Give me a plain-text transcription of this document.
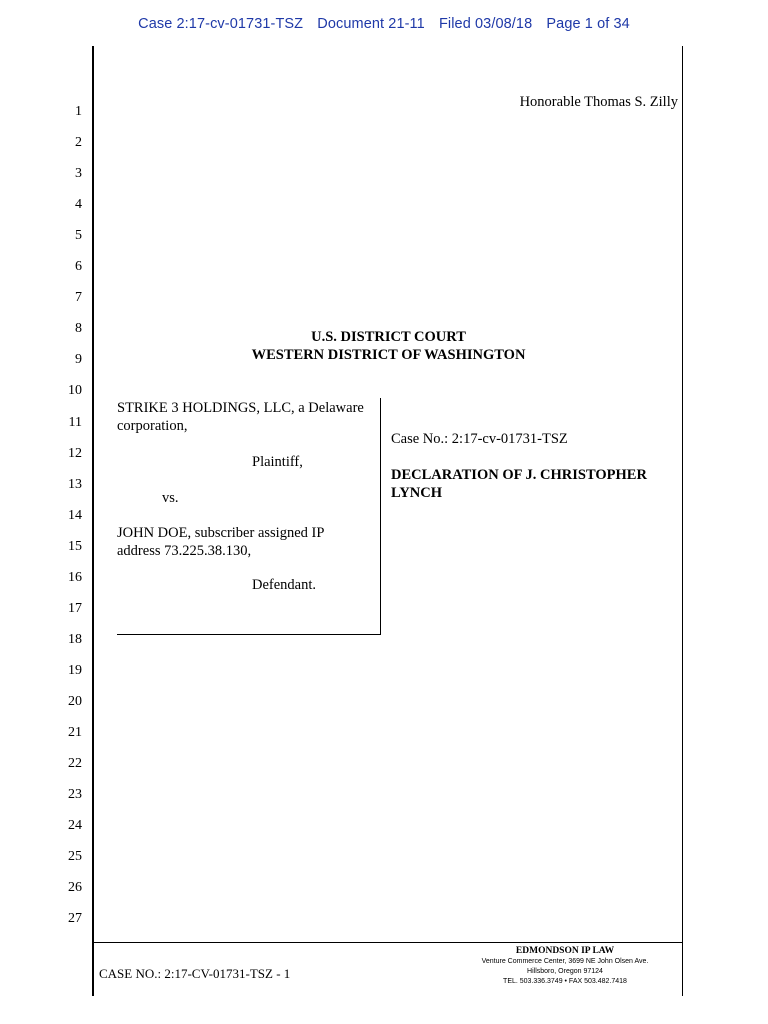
Case 2:17-cv-01731-TSZ Document 21-11 Filed 03/08/18 Page 1 of 34
1
2
3
4
5
6
7
8
9
10
11
12
13
14
15
16
17
18
19
20
21
22
23
24
25
26
27
Honorable Thomas S. Zilly
U.S. DISTRICT COURT
WESTERN DISTRICT OF WASHINGTON
STRIKE 3 HOLDINGS, LLC, a Delaware
corporation,
Plaintiff,
vs.
JOHN DOE, subscriber assigned IP
address 73.225.38.130,
Defendant.
Case No.: 2:17-cv-01731-TSZ
DECLARATION OF J. CHRISTOPHER
LYNCH
CASE NO.: 2:17-CV-01731-TSZ - 1
EDMONDSON IP LAW
Venture Commerce Center, 3699 NE John Olsen Ave.
Hillsboro, Oregon 97124
TEL. 503.336.3749 • FAX 503.482.7418
